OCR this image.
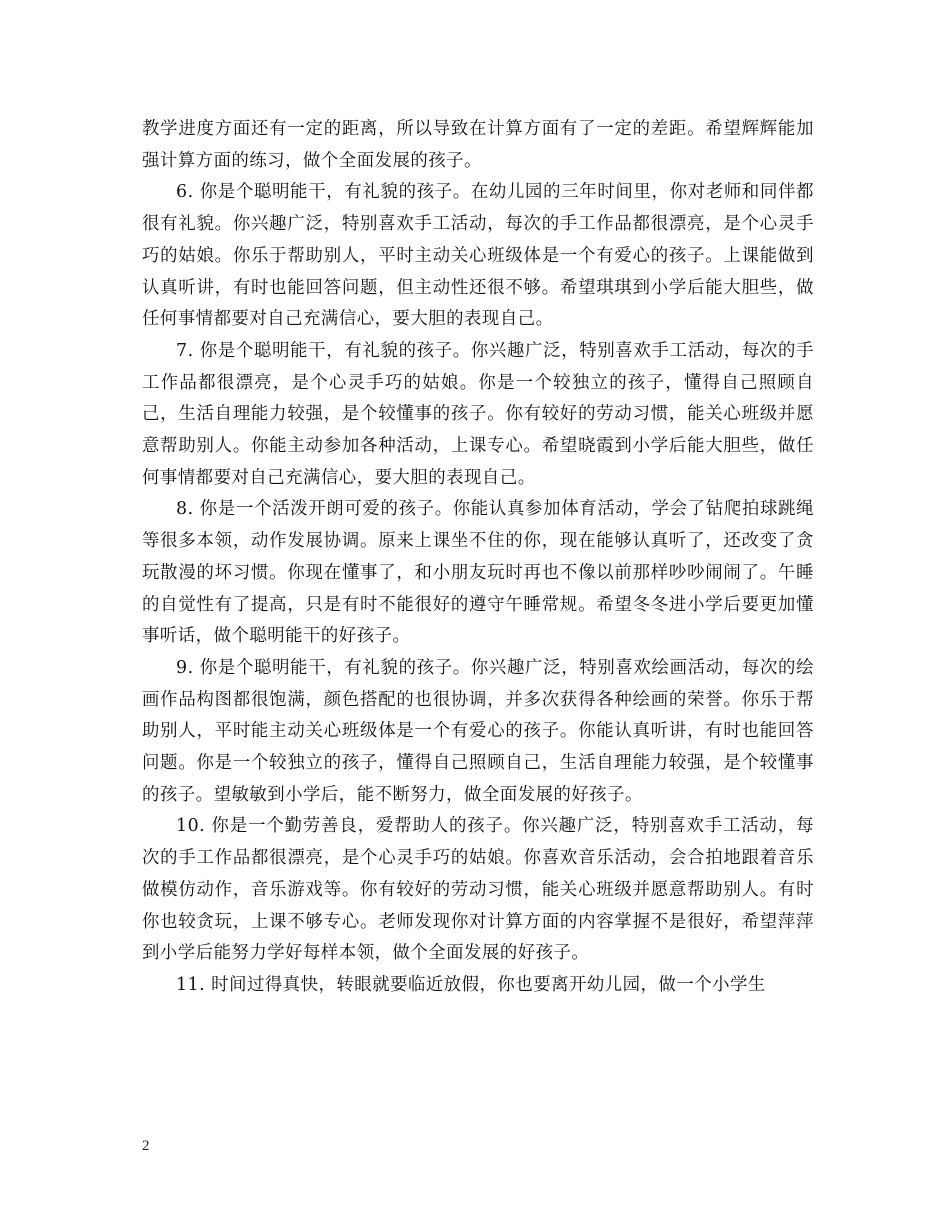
教学进度方面还有一定的距离，所以导致在计算方面有了一定的差距。希望辉辉能加强计算方面的练习，做个全面发展的孩子。

6. 你是个聪明能干，有礼貌的孩子。在幼儿园的三年时间里，你对老师和同伴都很有礼貌。你兴趣广泛，特别喜欢手工活动，每次的手工作品都很漂亮，是个心灵手巧的姑娘。你乐于帮助别人，平时主动关心班级体是一个有爱心的孩子。上课能做到认真听讲，有时也能回答问题，但主动性还很不够。希望琪琪到小学后能大胆些，做任何事情都要对自己充满信心，要大胆的表现自己。

7. 你是个聪明能干，有礼貌的孩子。你兴趣广泛，特别喜欢手工活动，每次的手工作品都很漂亮，是个心灵手巧的姑娘。你是一个较独立的孩子，懂得自己照顾自己，生活自理能力较强，是个较懂事的孩子。你有较好的劳动习惯，能关心班级并愿意帮助别人。你能主动参加各种活动，上课专心。希望晓霞到小学后能大胆些，做任何事情都要对自己充满信心，要大胆的表现自己。

8. 你是一个活泼开朗可爱的孩子。你能认真参加体育活动，学会了钻爬拍球跳绳等很多本领，动作发展协调。原来上课坐不住的你，现在能够认真听了，还改变了贪玩散漫的坏习惯。你现在懂事了，和小朋友玩时再也不像以前那样吵吵闹闹了。午睡的自觉性有了提高，只是有时不能很好的遵守午睡常规。希望冬冬进小学后要更加懂事听话，做个聪明能干的好孩子。

9. 你是个聪明能干，有礼貌的孩子。你兴趣广泛，特别喜欢绘画活动，每次的绘画作品构图都很饱满，颜色搭配的也很协调，并多次获得各种绘画的荣誉。你乐于帮助别人，平时能主动关心班级体是一个有爱心的孩子。你能认真听讲，有时也能回答问题。你是一个较独立的孩子，懂得自己照顾自己，生活自理能力较强，是个较懂事的孩子。望敏敏到小学后，能不断努力，做全面发展的好孩子。

10. 你是一个勤劳善良，爱帮助人的孩子。你兴趣广泛，特别喜欢手工活动，每次的手工作品都很漂亮，是个心灵手巧的姑娘。你喜欢音乐活动，会合拍地跟着音乐做模仿动作，音乐游戏等。你有较好的劳动习惯，能关心班级并愿意帮助别人。有时你也较贪玩，上课不够专心。老师发现你对计算方面的内容掌握不是很好，希望萍萍到小学后能努力学好每样本领，做个全面发展的好孩子。

11. 时间过得真快，转眼就要临近放假，你也要离开幼儿园，做一个小学生

2
